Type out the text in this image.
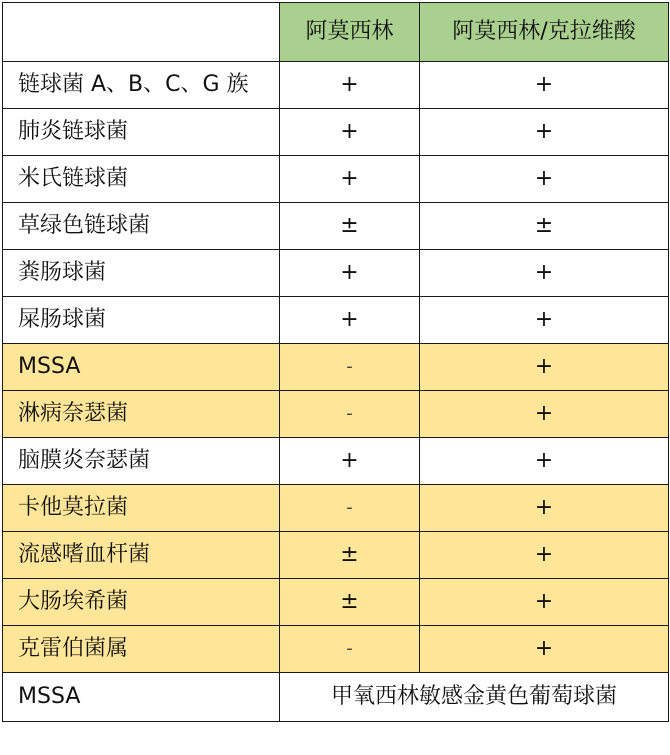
	阿莫西林	阿莫西林/克拉维酸
链球菌 A、B、C、G 族	+	+
肺炎链球菌	+	+
米氏链球菌	+	+
草绿色链球菌	±	±
粪肠球菌	+	+
屎肠球菌	+	+
MSSA	-	+
淋病奈瑟菌	-	+
脑膜炎奈瑟菌	+	+
卡他莫拉菌	-	+
流感嗜血杆菌	±	+
大肠埃希菌	±	+
克雷伯菌属	-	+
MSSA	甲氧西林敏感金黄色葡萄球菌	
